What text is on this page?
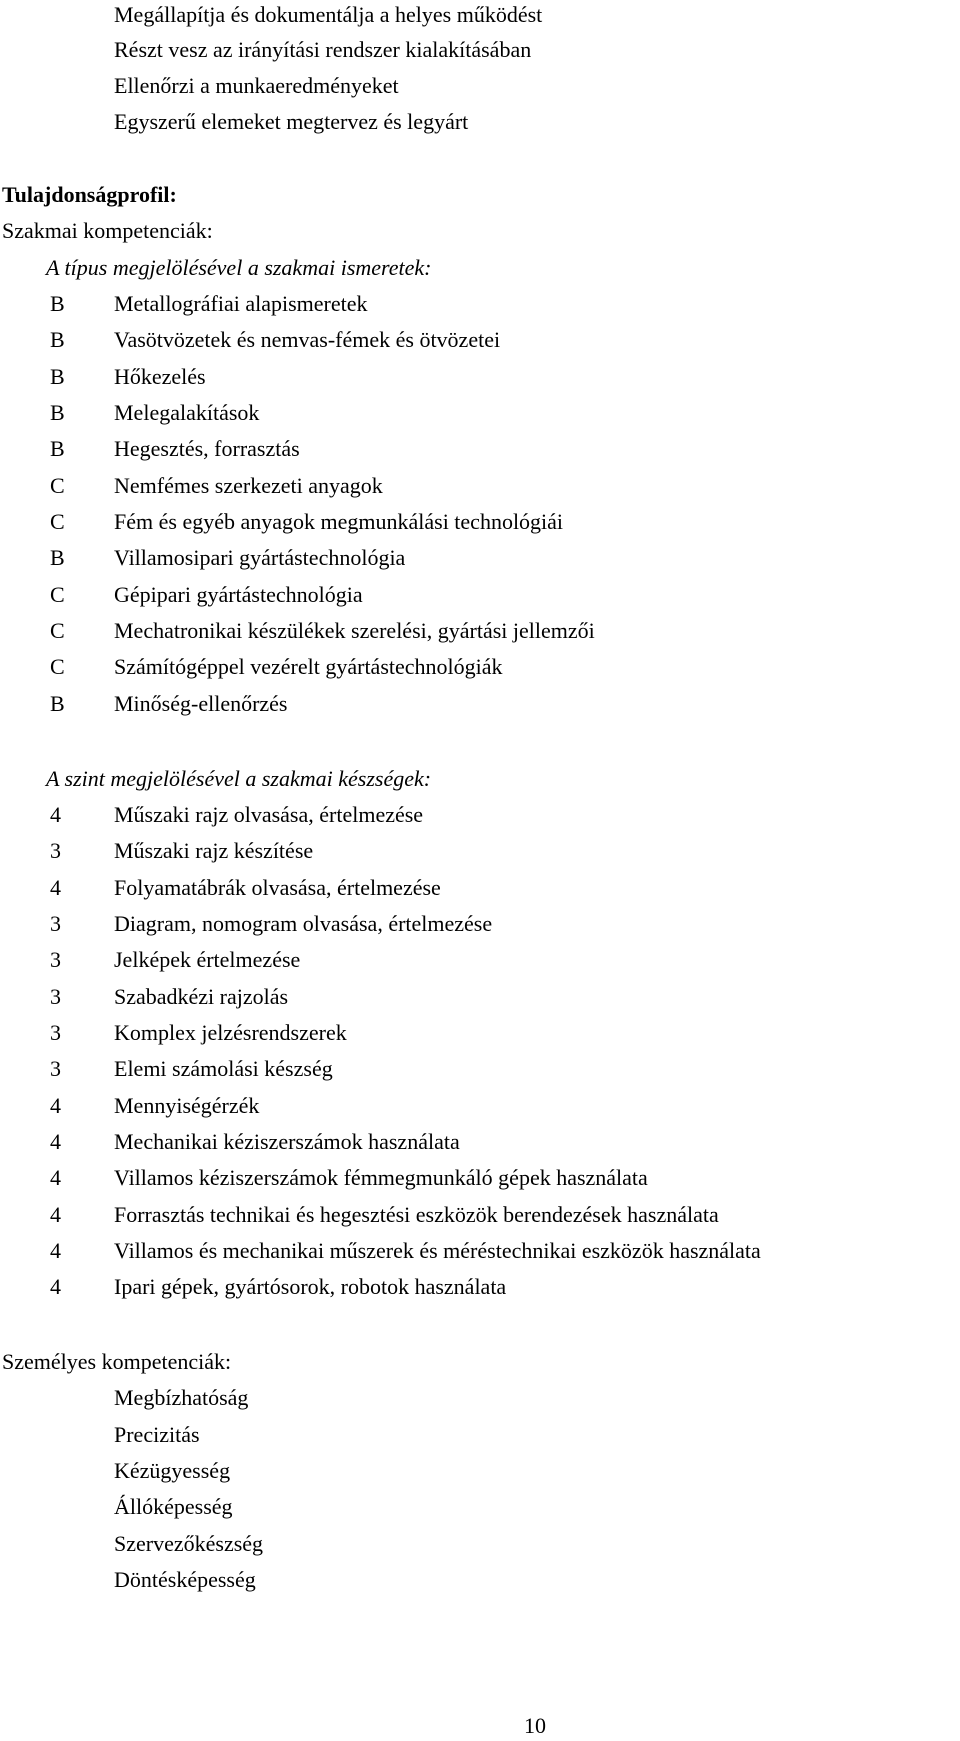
Megállapítja és dokumentálja a helyes működést
Részt vesz az irányítási rendszer kialakításában
Ellenőrzi a munkaeredményeket
Egyszerű elemeket megtervez és legyárt
Tulajdonságprofil:
Szakmai kompetenciák:
A típus megjelölésével a szakmai ismeretek:
B Metallográfiai alapismeretek
B Vasötvözetek és nemvas-fémek és ötvözetei
B Hőkezelés
B Melegalakítások
B Hegesztés, forrasztás
C Nemfémes szerkezeti anyagok
C Fém és egyéb anyagok megmunkálási technológiái
B Villamosipari gyártástechnológia
C Gépipari gyártástechnológia
C Mechatronikai készülékek szerelési, gyártási jellemzői
C Számítógéppel vezérelt gyártástechnológiák
B Minőség-ellenőrzés
A szint megjelölésével a szakmai készségek:
4 Műszaki rajz olvasása, értelmezése
3 Műszaki rajz készítése
4 Folyamatábrák olvasása, értelmezése
3 Diagram, nomogram olvasása, értelmezése
3 Jelképek értelmezése
3 Szabadkézi rajzolás
3 Komplex jelzésrendszerek
3 Elemi számolási készség
4 Mennyiségérzék
4 Mechanikai kéziszerszámok használata
4 Villamos kéziszerszámok fémmegmunkáló gépek használata
4 Forrasztás technikai és hegesztési eszközök berendezések használata
4 Villamos és mechanikai műszerek és méréstechnikai eszközök használata
4 Ipari gépek, gyártósorok, robotok használata
Személyes kompetenciák:
Megbízhatóság
Precizitás
Kézügyesség
Állóképesség
Szervezőkészség
Döntésképesség
10
